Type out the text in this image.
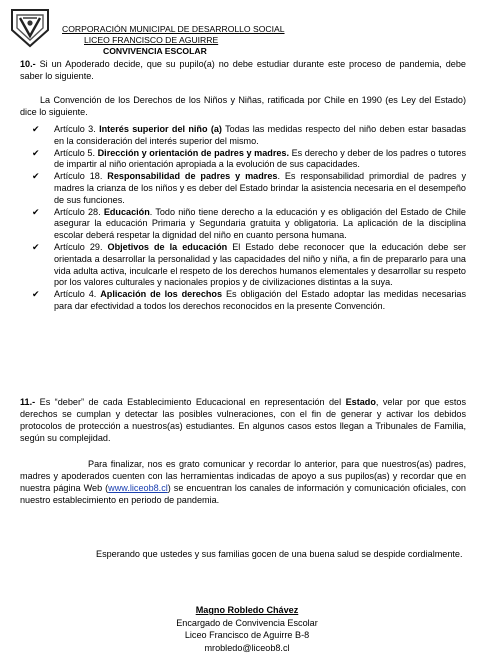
CORPORACIÓN MUNICIPAL DE DESARROLLO SOCIAL
LICEO FRANCISCO DE AGUIRRE
CONVIVENCIA ESCOLAR
10.- Si un Apoderado decide, que su pupilo(a) no debe estudiar durante este proceso de pandemia, debe saber lo siguiente.
La Convención de los Derechos de los Niños y Niñas, ratificada por Chile en 1990 (es Ley del Estado) dice lo siguiente.
✔ Artículo 3. Interés superior del niño (a) Todas las medidas respecto del niño deben estar basadas en la consideración del interés superior del mismo.
✔ Artículo 5. Dirección y orientación de padres y madres. Es derecho y deber de los padres o tutores de impartir al niño orientación apropiada a la evolución de sus capacidades.
✔ Artículo 18. Responsabilidad de padres y madres. Es responsabilidad primordial de padres y madres la crianza de los niños y es deber del Estado brindar la asistencia necesaria en el desempeño de sus funciones.
✔ Artículo 28. Educación. Todo niño tiene derecho a la educación y es obligación del Estado de Chile asegurar la educación Primaria y Segundaria gratuita y obligatoria. La aplicación de la disciplina escolar deberá respetar la dignidad del niño en cuanto persona humana.
✔ Artículo 29. Objetivos de la educación El Estado debe reconocer que la educación debe ser orientada a desarrollar la personalidad y las capacidades del niño y niña, a fin de prepararlo para una vida adulta activa, inculcarle el respeto de los derechos humanos elementales y desarrollar su respeto por los valores culturales y nacionales propios y de civilizaciones distintas a la suya.
✔ Artículo 4. Aplicación de los derechos Es obligación del Estado adoptar las medidas necesarias para dar efectividad a todos los derechos reconocidos en la presente Convención.
11.- Es “deber” de cada Establecimiento Educacional en representación del Estado, velar por que estos derechos se cumplan y detectar las posibles vulneraciones, con el fin de generar y activar los debidos protocolos de protección a nuestros(as) estudiantes. En algunos casos estos llegan a Tribunales de Familia, según su complejidad.
Para finalizar, nos es grato comunicar y recordar lo anterior, para que nuestros(as) padres, madres y apoderados cuenten con las herramientas indicadas de apoyo a sus pupilos(as) y recordar que en nuestra página Web (www.liceob8.cl) se encuentran los canales de información y comunicación oficiales, con nuestro establecimiento en periodo de pandemia.
Esperando que ustedes y sus familias gocen de una buena salud se despide cordialmente.
Magno Robledo Chávez
Encargado de Convivencia Escolar
Liceo Francisco de Aguirre B-8
mrobledo@liceob8.cl
